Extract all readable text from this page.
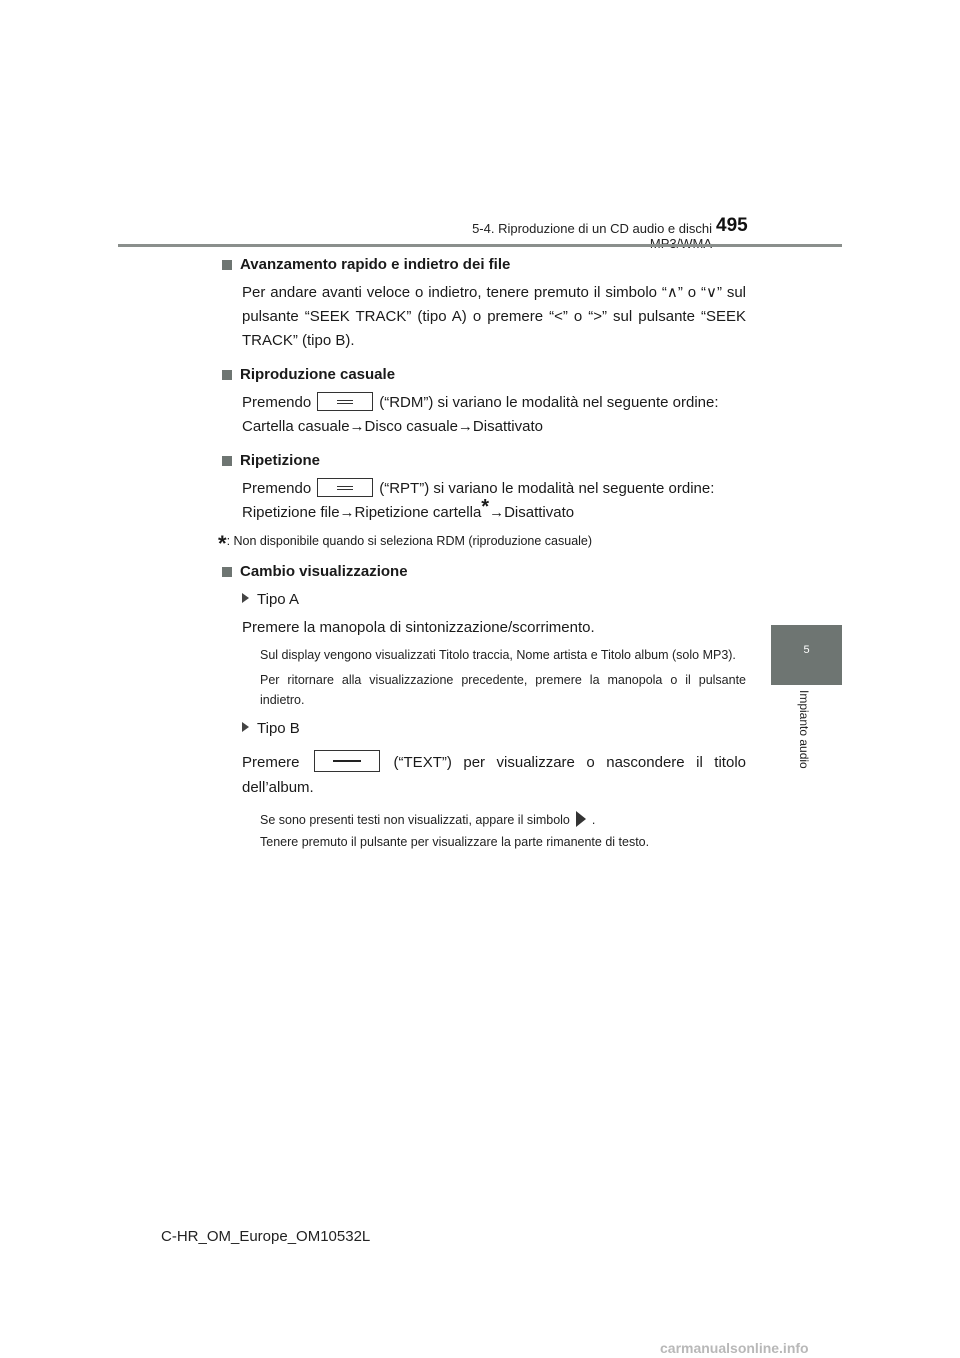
5-4. Riproduzione di un CD audio e dischi 495
5
Impianto audio
Avanzamento rapido e indietro dei file

Per andare avanti veloce o indietro, tenere premuto il simbolo “∧” o “∨” sul pulsante “SEEK TRACK” (tipo A) o premere “<” o “>” sul pulsante “SEEK TRACK” (tipo B).

Riproduzione casuale

Premendo	(“RDM”) si variano le modalità nel seguente ordine:
Cartella casuale→Disco casuale→Disattivato

Ripetizione

Premendo	(“RPT”) si variano le modalità nel seguente ordine:
Ripetizione file→Ripetizione cartella*→Disattivato

*: Non disponibile quando si seleziona RDM (riproduzione casuale)

Cambio visualizzazione
Tipo A

Premere la manopola di sintonizzazione/scorrimento.

Sul display vengono visualizzati Titolo traccia, Nome artista e Titolo album (solo MP3).

Per ritornare alla visualizzazione precedente, premere la manopola o il pulsante indietro.

Tipo B

Premere	(“TEXT”) per visualizzare o nascondere il titolo dell’album.

Se sono presenti testi non visualizzati, appare il simbolo .

Tenere premuto il pulsante per visualizzare la parte rimanente di testo.

C-HR_OM_Europe_OM10532L
carmanualsonline.info
